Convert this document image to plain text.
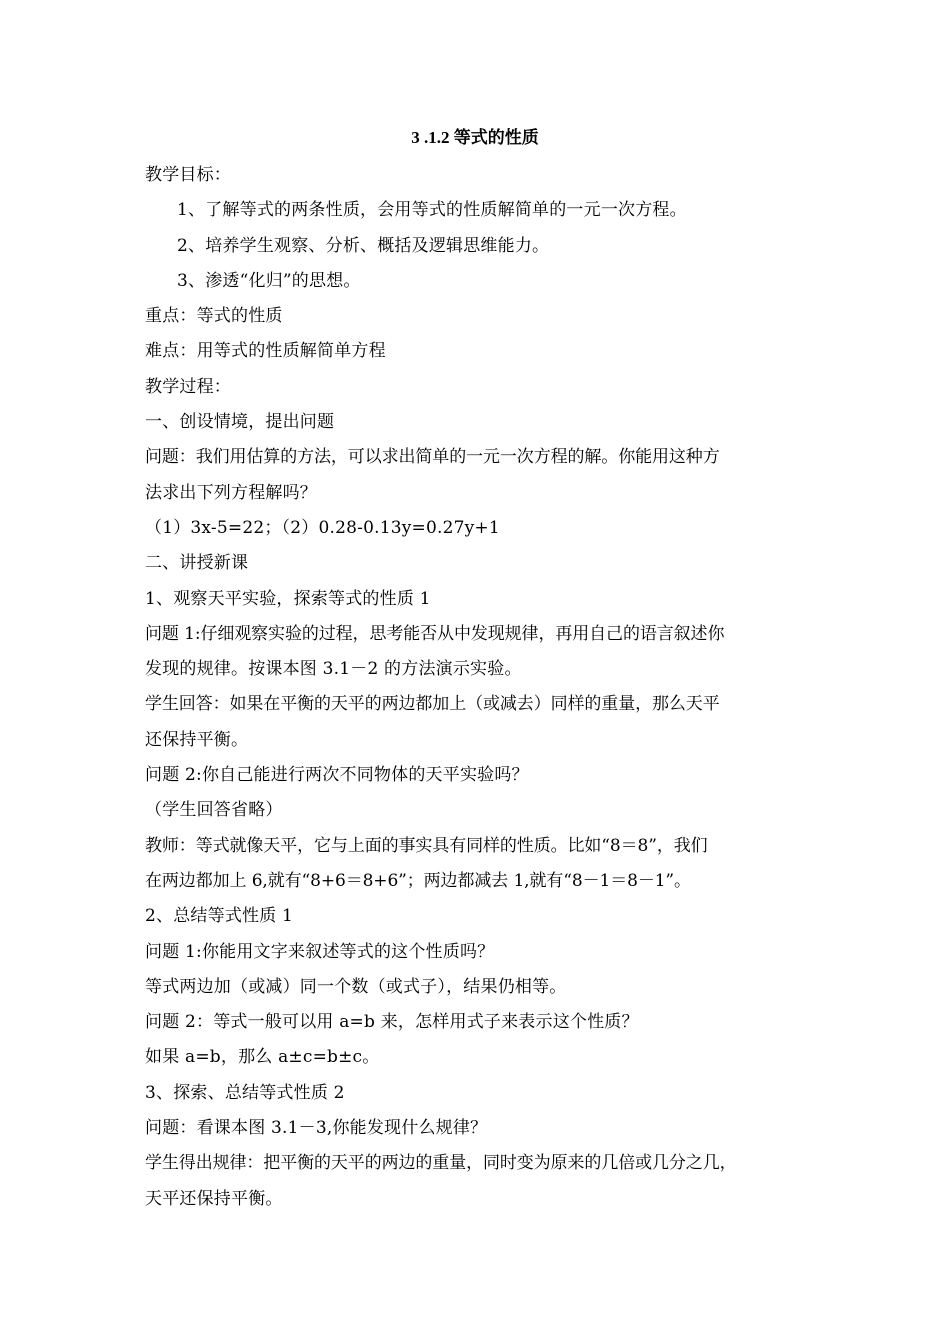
3 .1.2 等式的性质

教学目标：

1、了解等式的两条性质，会用等式的性质解简单的一元一次方程。

2、培养学生观察、分析、概括及逻辑思维能力。

3、渗透“化归”的思想。

重点：等式的性质

难点：用等式的性质解简单方程

教学过程：

一、创设情境，提出问题

问题：我们用估算的方法，可以求出简单的一元一次方程的解。你能用这种方

法求出下列方程解吗？

（1）3x-5=22；（2）0.28-0.13y=0.27y+1

二、讲授新课

1、观察天平实验，探索等式的性质 1

问题 1:仔细观察实验的过程，思考能否从中发现规律，再用自己的语言叙述你

发现的规律。按课本图 3.1－2 的方法演示实验。

学生回答：如果在平衡的天平的两边都加上（或减去）同样的重量，那么天平

还保持平衡。

问题 2:你自己能进行两次不同物体的天平实验吗？

（学生回答省略）

教师：等式就像天平，它与上面的事实具有同样的性质。比如“8＝8”，我们

在两边都加上 6,就有“8+6＝8+6”；两边都减去 1,就有“8－1＝8－1”。

2、总结等式性质 1

问题 1:你能用文字来叙述等式的这个性质吗？

等式两边加（或减）同一个数（或式子），结果仍相等。

问题 2：等式一般可以用 a=b 来，怎样用式子来表示这个性质？

如果 a=b，那么 a±c=b±c。

3、探索、总结等式性质 2

问题：看课本图 3.1－3,你能发现什么规律？

学生得出规律：把平衡的天平的两边的重量，同时变为原来的几倍或几分之几，

天平还保持平衡。
